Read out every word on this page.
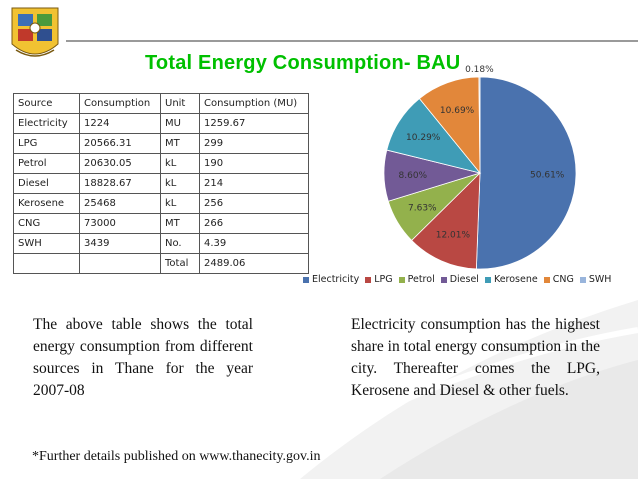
Total Energy Consumption- BAU
Source	Consumption	Unit	Consumption (MU)
Electricity	1224	MU	1259.67
LPG	20566.31	MT	299
Petrol	20630.05	kL	190
Diesel	18828.67	kL	214
Kerosene	25468	kL	256
CNG	73000	MT	266
SWH	3439	No.	4.39
		Total	2489.06
50.61%
12.01%
7.63%
8.60%
10.29%
10.69%
0.18%
Electricity LPG Petrol Diesel Kerosene CNG SWH
The above table shows the total energy consumption from different sources in Thane for the year 2007-08
Electricity consumption has the highest share in total energy consumption in the city. Thereafter comes the LPG, Kerosene and Diesel & other fuels.
*Further details published on www.thanecity.gov.in
